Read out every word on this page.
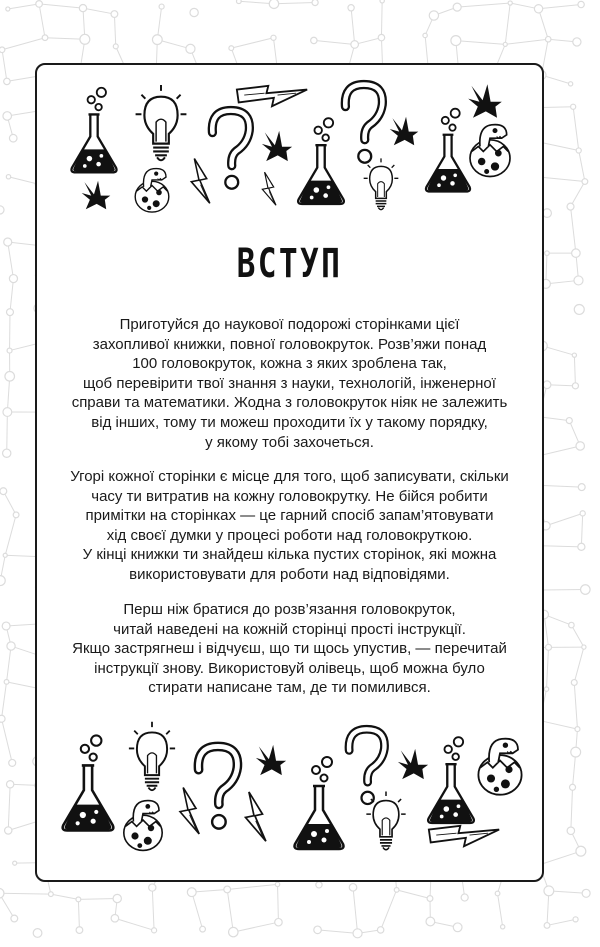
ВСТУП
Приготуйся до наукової подорожі сторінками цієї
захопливої книжки, повної головокруток. Розв’яжи понад
100 головокруток, кожна з яких зроблена так,
щоб перевірити твої знання з науки, технологій, інженерної
справи та математики. Жодна з головокруток ніяк не залежить
від інших, тому ти можеш проходити їх у такому порядку,
у якому тобі захочеться.
Угорі кожної сторінки є місце для того, щоб записувати, скільки
часу ти витратив на кожну головокрутку. Не бійся робити
примітки на сторінках — це гарний спосіб запам’ятовувати
хід своєї думки у процесі роботи над головокруткою.
У кінці книжки ти знайдеш кілька пустих сторінок, які можна
використовувати для роботи над відповідями.
Перш ніж братися до розв’язання головокруток,
читай наведені на кожній сторінці прості інструкції.
Якщо застрягнеш і відчуєш, що ти щось упустив, — перечитай
інструкції знову. Використовуй олівець, щоб можна було
стирати написане там, де ти помилився.
